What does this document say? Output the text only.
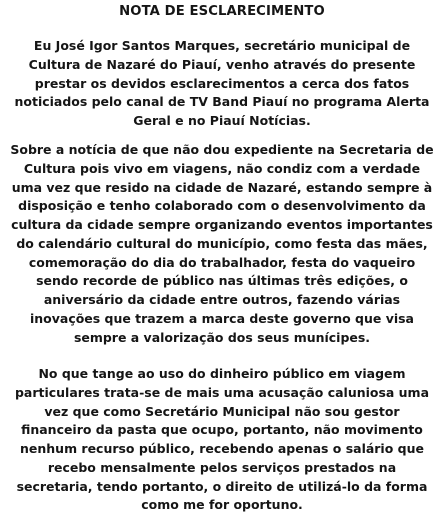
NOTA DE ESCLARECIMENTO
Eu José Igor Santos Marques, secretário municipal de
Cultura de Nazaré do Piauí, venho através do presente
prestar os devidos esclarecimentos a cerca dos fatos
noticiados pelo canal de TV Band Piauí no programa Alerta
Geral e no Piauí Notícias.
Sobre a notícia de que não dou expediente na Secretaria de
Cultura pois vivo em viagens, não condiz com a verdade
uma vez que resido na cidade de Nazaré, estando sempre à
disposição e tenho colaborado com o desenvolvimento da
cultura da cidade sempre organizando eventos importantes
do calendário cultural do município, como festa das mães,
comemoração do dia do trabalhador, festa do vaqueiro
sendo recorde de público nas últimas três edições, o
aniversário da cidade entre outros, fazendo várias
inovações que trazem a marca deste governo que visa
sempre a valorização dos seus munícipes.
No que tange ao uso do dinheiro público em viagem
particulares trata-se de mais uma acusação caluniosa uma
vez que como Secretário Municipal não sou gestor
financeiro da pasta que ocupo, portanto, não movimento
nenhum recurso público, recebendo apenas o salário que
recebo mensalmente pelos serviços prestados na
secretaria, tendo portanto, o direito de utilizá-lo da forma
como me for oportuno.
